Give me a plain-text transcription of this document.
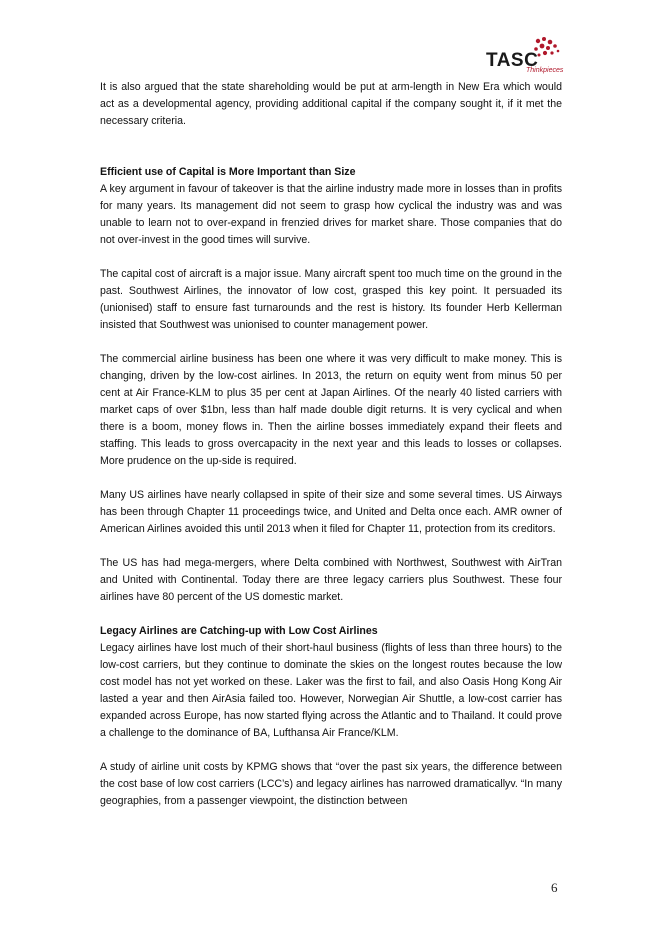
TASC
Thinkpieces

It is also argued that the state shareholding would be put at arm-length in New Era which would act as a developmental agency, providing additional capital if the company sought it, if it met the necessary criteria.

Efficient use of Capital is More Important than Size

A key argument in favour of takeover is that the airline industry made more in losses than in profits for many years. Its management did not seem to grasp how cyclical the industry was and was unable to learn not to over-expand in frenzied drives for market share. Those companies that do not over-invest in the good times will survive.

The capital cost of aircraft is a major issue. Many aircraft spent too much time on the ground in the past. Southwest Airlines, the innovator of low cost, grasped this key point. It persuaded its (unionised) staff to ensure fast turnarounds and the rest is history. Its founder Herb Kellerman insisted that Southwest was unionised to counter management power.

The commercial airline business has been one where it was very difficult to make money. This is changing, driven by the low-cost airlines. In 2013, the return on equity went from minus 50 per cent at Air France-KLM to plus 35 per cent at Japan Airlines. Of the nearly 40 listed carriers with market caps of over $1bn, less than half made double digit returns. It is very cyclical and when there is a boom, money flows in. Then the airline bosses immediately expand their fleets and staffing. This leads to gross overcapacity in the next year and this leads to losses or collapses. More prudence on the up-side is required.

Many US airlines have nearly collapsed in spite of their size and some several times. US Airways has been through Chapter 11 proceedings twice, and United and Delta once each. AMR owner of American Airlines avoided this until 2013 when it filed for Chapter 11, protection from its creditors.

The US has had mega-mergers, where Delta combined with Northwest, Southwest with AirTran and United with Continental. Today there are three legacy carriers plus Southwest. These four airlines have 80 percent of the US domestic market.

Legacy Airlines are Catching-up with Low Cost Airlines

Legacy airlines have lost much of their short-haul business (flights of less than three hours) to the low-cost carriers, but they continue to dominate the skies on the longest routes because the low cost model has not yet worked on these. Laker was the first to fail, and also Oasis Hong Kong Air lasted a year and then AirAsia failed too. However, Norwegian Air Shuttle, a low-cost carrier has expanded across Europe, has now started flying across the Atlantic and to Thailand. It could prove a challenge to the dominance of BA, Lufthansa Air France/KLM.

A study of airline unit costs by KPMG shows that “over the past six years, the difference between the cost base of low cost carriers (LCC’s) and legacy airlines has narrowed dramaticallyv. “In many geographies, from a passenger viewpoint, the distinction between

6
